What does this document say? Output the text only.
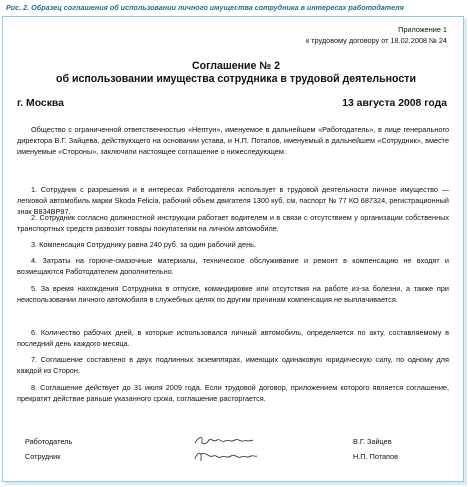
Рис. 2. Образец соглашения об использовании личного имущества сотрудника в интересах работодателя
Приложение 1
к трудовому договору от 18.02.2008 № 24
Соглашение № 2
об использовании имущества сотрудника в трудовой деятельности
г. Москва	13 августа 2008 года
Общество с ограниченной ответственностью «Нептун», именуемое в дальнейшем «Работодатель», в лице генерального директора В.Г. Зайцева, действующего на основании устава, и Н.П. Потапов, именуемый в дальнейшем «Сотрудник», вместе именуемые «Стороны», заключили настоящее соглашение о нижеследующем.
1. Сотрудник с разрешения и в интересах Работодателя использует в трудовой деятельности личное имущество — легковой автомобиль марки Skoda Felicia, рабочий объем двигателя 1300 куб. см, паспорт № 77 КО 687324, регистрационный знак В834ВР97.
2. Сотрудник согласно должностной инструкции работает водителем и в связи с отсутствием у организации собственных транспортных средств развозит товары покупателям на личном автомобиле.
3. Компенсация Сотруднику равна 240 руб. за один рабочий день.
4. Затраты на горюче-смазочные материалы, техническое обслуживание и ремонт в компенсацию не входят и возмещаются Работодателем дополнительно.
5. За время нахождения Сотрудника в отпуске, командировке или отсутствия на работе из-за болезни, а также при неиспользовании личного автомобиля в служебных целях по другим причинам компенсация не выплачивается.
6. Количество рабочих дней, в которые использовался личный автомобиль, определяется по акту, составляемому в последний день каждого месяца.
7. Соглашение составлено в двух подлинных экземплярах, имеющих одинаковую юридическую силу, по одному для каждой из Сторон.
8. Соглашение действует до 31 июля 2009 года. Если трудовой договор, приложением которого является соглашение, прекратит действие раньше указанного срока, соглашение расторгается.
Работодатель	В.Г. Зайцев
Сотрудник	Н.П. Потапов
